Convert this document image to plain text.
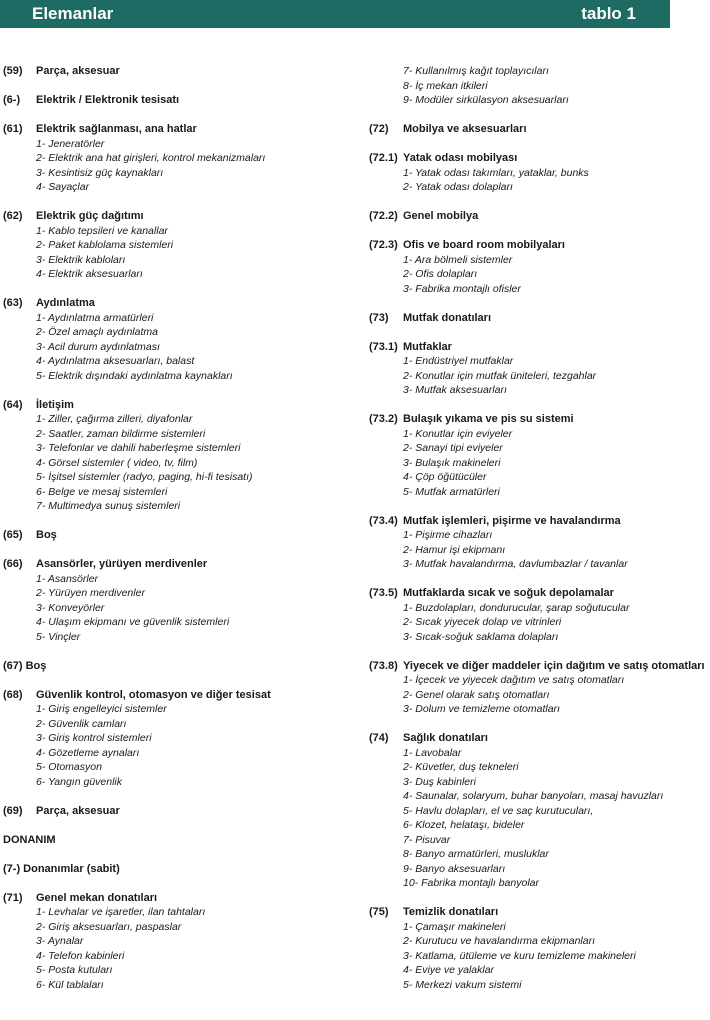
Elemanlar	tablo 1
(59) Parça, aksesuar
(6-) Elektrik / Elektronik tesisatı
(61) Elektrik sağlanması, ana hatlar
1- Jeneratörler
2- Elektrik ana hat girişleri, kontrol mekanizmaları
3- Kesintisiz güç kaynakları
4- Sayaçlar
(62) Elektrik güç dağıtımı
1- Kablo tepsileri ve kanallar
2- Paket kablolama sistemleri
3- Elektrik kabloları
4- Elektrik aksesuarları
(63) Aydınlatma
1- Aydınlatma armatürleri
2- Özel amaçlı aydınlatma
3- Acil durum aydınlatması
4- Aydınlatma aksesuarları, balast
5- Elektrik dışındaki aydınlatma kaynakları
(64) İletişim
1- Ziller, çağırma zilleri, diyafonlar
2- Saatler, zaman bildirme sistemleri
3- Telefonlar ve dahili haberleşme sistemleri
4- Görsel sistemler ( video, tv, film)
5- İşitsel sistemler (radyo, paging, hi-fi tesisatı)
6- Belge ve mesaj sistemleri
7- Multimedya sunuş sistemleri
(65) Boş
(66) Asansörler, yürüyen merdivenler
1- Asansörler
2- Yürüyen merdivenler
3- Konveyörler
4- Ulaşım ekipmanı ve güvenlik sistemleri
5- Vinçler
(67) Boş
(68) Güvenlik kontrol, otomasyon ve diğer tesisat
1- Giriş engelleyici sistemler
2- Güvenlik camları
3- Giriş kontrol sistemleri
4- Gözetleme aynaları
5- Otomasyon
6- Yangın güvenlik
(69) Parça, aksesuar
DONANIM
(7-) Donanımlar (sabit)
(71) Genel mekan donatıları
1- Levhalar ve işaretler, ilan tahtaları
2- Giriş aksesuarları, paspaslar
3- Aynalar
4- Telefon kabinleri
5- Posta kutuları
6- Kül tablaları
7- Kullanılmış kağıt toplayıcıları
8- İç mekan itkileri
9- Modüler sirkülasyon aksesuarları
(72) Mobilya ve aksesuarları
(72.1) Yatak odası mobilyası
1- Yatak odası takımları, yataklar, bunks
2- Yatak odası dolapları
(72.2) Genel mobilya
(72.3) Ofis ve board room mobilyaları
1- Ara bölmeli sistemler
2- Ofis dolapları
3- Fabrika montajlı ofisler
(73) Mutfak donatıları
(73.1) Mutfaklar
1- Endüstriyel mutfaklar
2- Konutlar için mutfak üniteleri, tezgahlar
3- Mutfak aksesuarları
(73.2) Bulaşık yıkama ve pis su sistemi
1- Konutlar için eviyeler
2- Sanayi tipi eviyeler
3- Bulaşık makineleri
4- Çöp öğütücüler
5- Mutfak armatürleri
(73.4) Mutfak işlemleri, pişirme ve havalandırma
1- Pişirme cihazları
2- Hamur işi ekipmanı
3- Mutfak havalandırma, davlumbazlar / tavanlar
(73.5) Mutfaklarda sıcak ve soğuk depolamalar
1- Buzdolapları, dondurucular, şarap soğutucular
2- Sıcak yiyecek dolap ve vitrinleri
3- Sıcak-soğuk saklama dolapları
(73.8) Yiyecek ve diğer maddeler için dağıtım ve satış otomatları
1- İçecek ve yiyecek dağıtım ve satış otomatları
2- Genel olarak satış otomatları
3- Dolum ve temizleme otomatları
(74) Sağlık donatıları
1- Lavobalar
2- Küvetler, duş tekneleri
3- Duş kabinleri
4- Saunalar, solaryum, buhar banyoları, masaj havuzları
5- Havlu dolapları, el ve saç kurutucuları,
6- Klozet, helataşı, bideler
7- Pisuvar
8- Banyo armatürleri, musluklar
9- Banyo aksesuarları
10- Fabrika montajlı banyolar
(75) Temizlik donatıları
1- Çamaşır makineleri
2- Kurutucu ve havalandırma ekipmanları
3- Katlama, ütüleme ve kuru temizleme makineleri
4- Eviye ve yalaklar
5- Merkezi vakum sistemi
